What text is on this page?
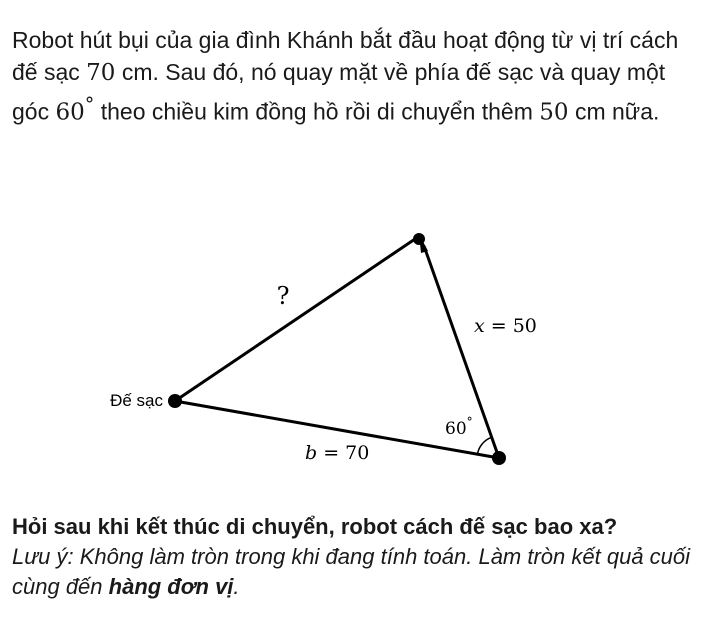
Robot hút bụi của gia đình Khánh bắt đầu hoạt động từ vị trí cách đế sạc 70 cm. Sau đó, nó quay mặt về phía đế sạc và quay một góc 60° theo chiều kim đồng hồ rồi di chuyển thêm 50 cm nữa.
Đế sạc
?
x = 50
b = 70
60°
Hỏi sau khi kết thúc di chuyển, robot cách đế sạc bao xa?
Lưu ý: Không làm tròn trong khi đang tính toán. Làm tròn kết quả cuối cùng đến hàng đơn vị.
